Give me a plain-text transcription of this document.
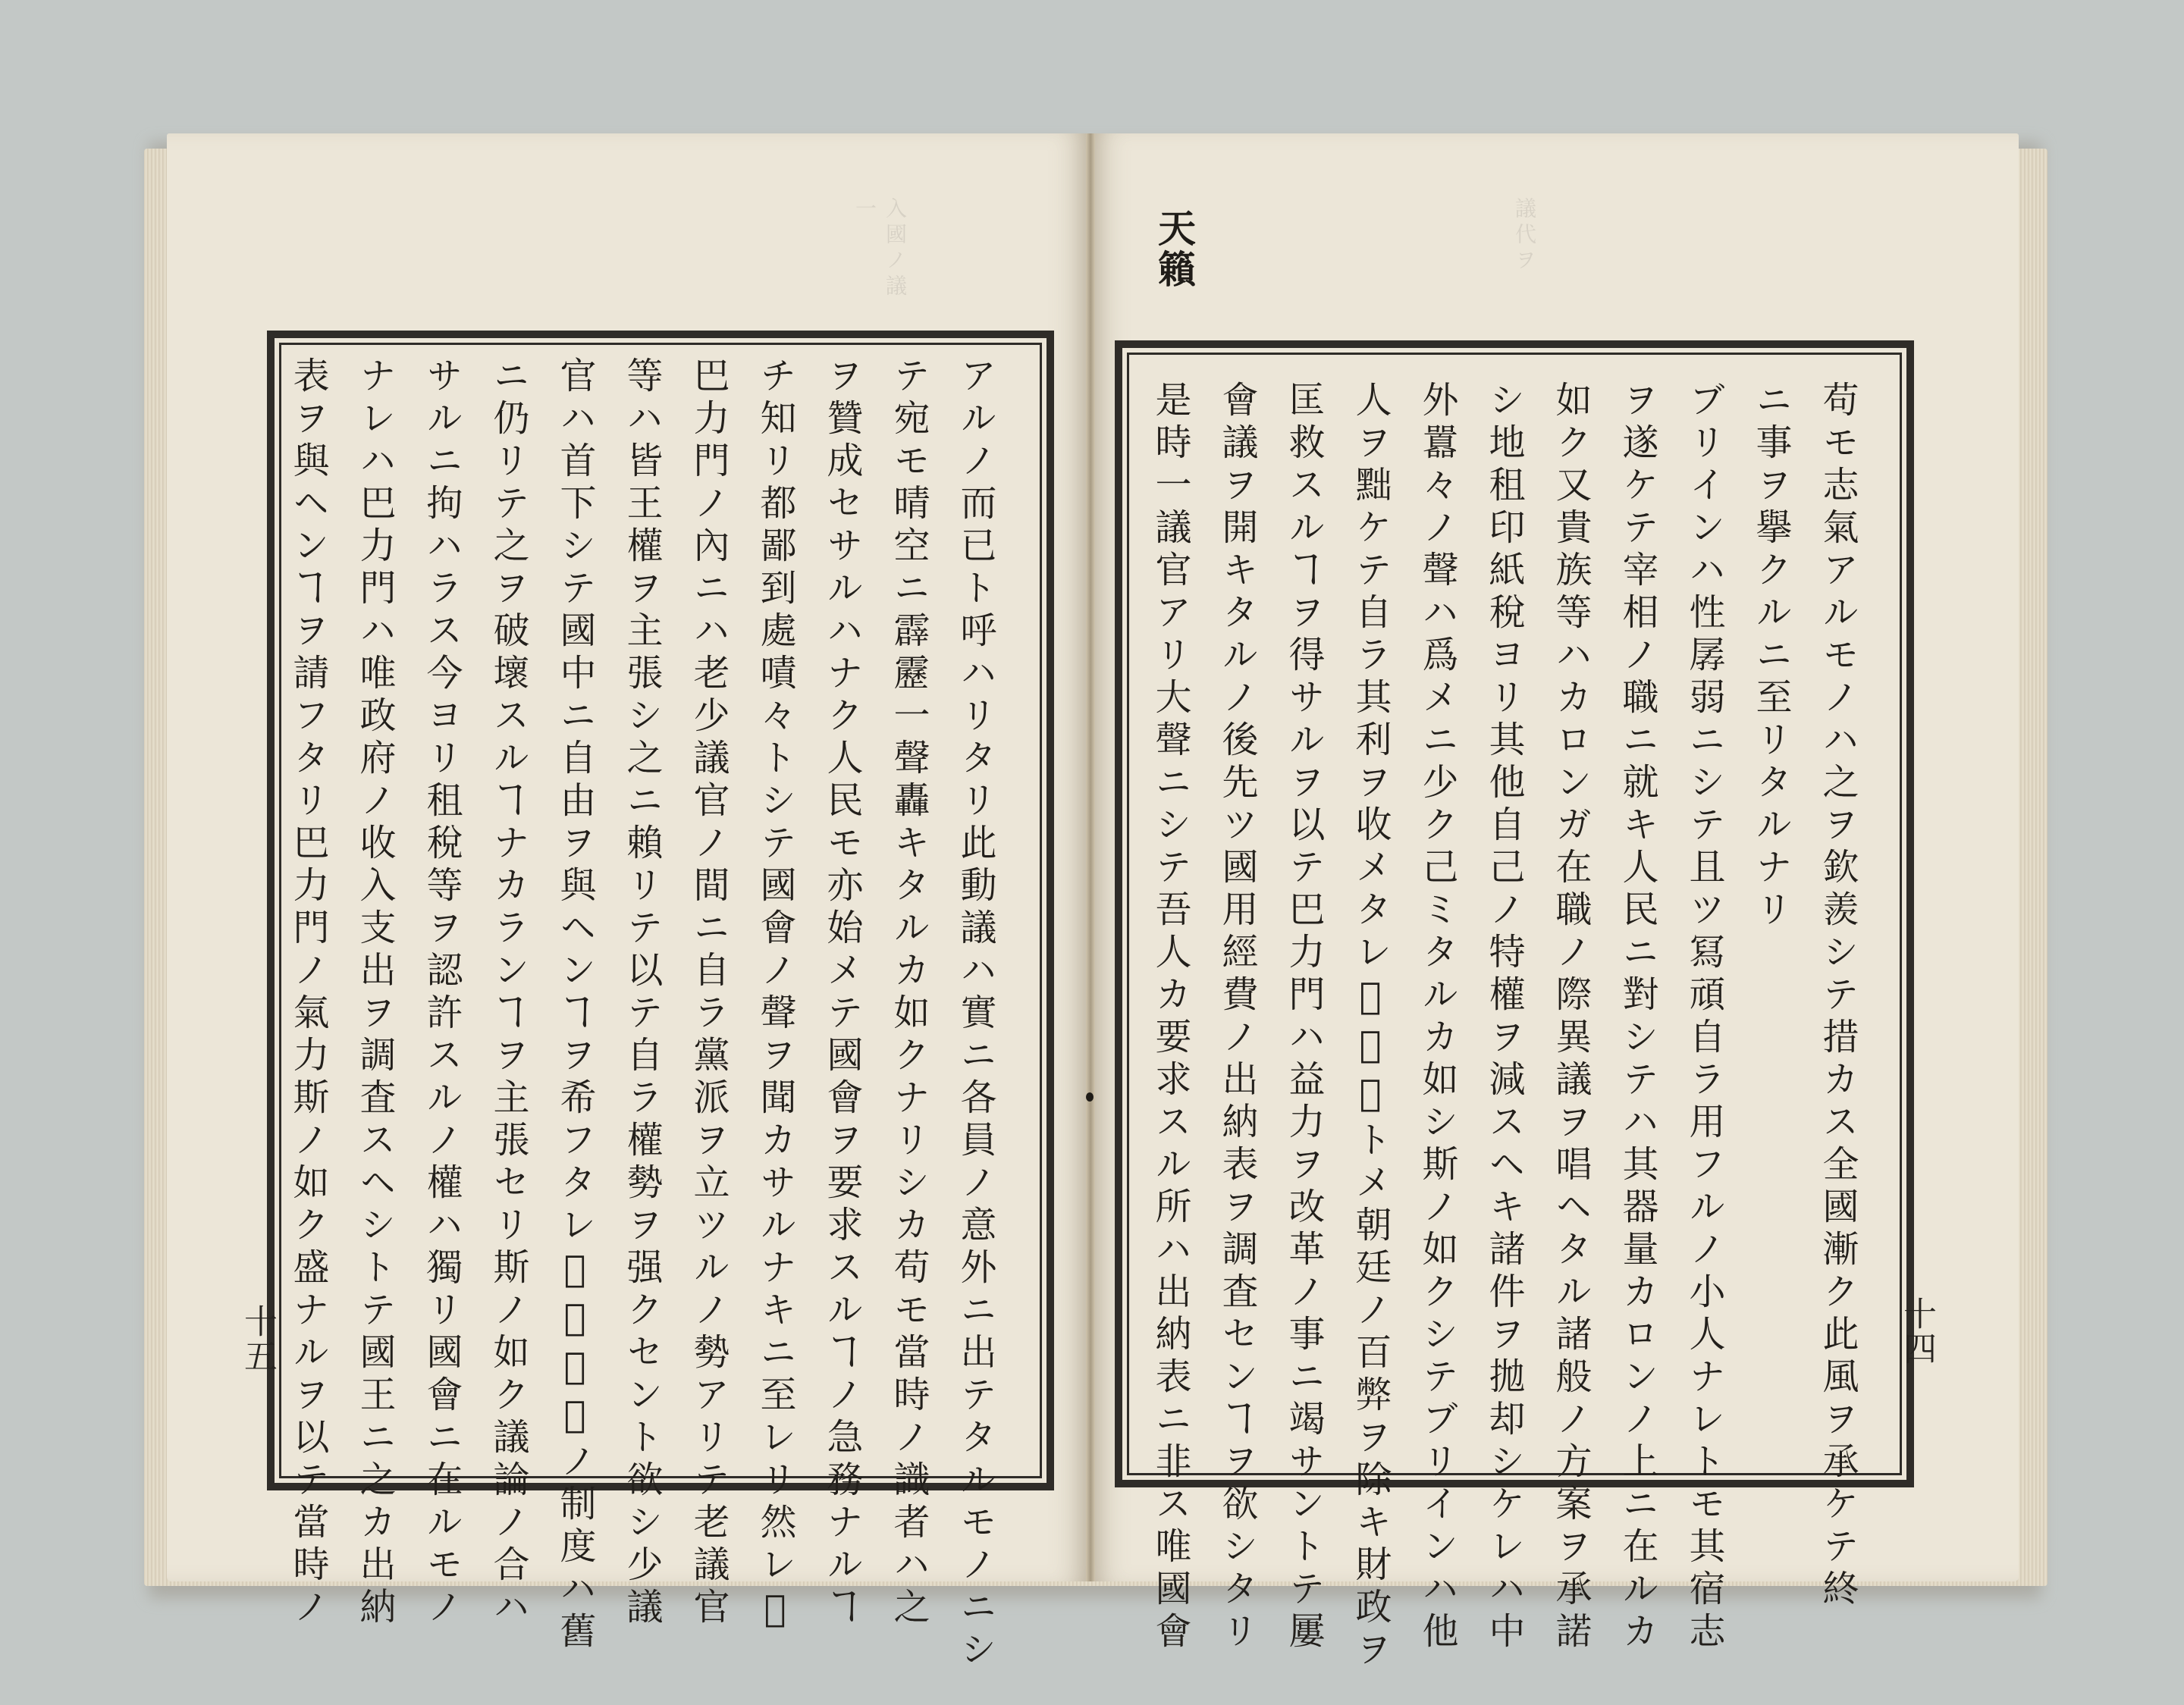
入國ノ議一	議代ヲ
天籟
苟モ志氣アルモノハ之ヲ欽羨シテ措カス全國漸ク此風ヲ承ケテ終
ニ事ヲ擧クルニ至リタルナリ
ブリインハ性孱弱ニシテ且ツ冩頑自ラ用フルノ小人ナレトモ其宿志
ヲ遂ケテ宰相ノ職ニ就キ人民ニ對シテハ其器量カロンノ上ニ在ルカ
如ク又貴族等ハカロンガ在職ノ際異議ヲ唱ヘタル諸般ノ方案ヲ承諾
シ地租印紙稅ヨリ其他自己ノ特權ヲ減スヘキ諸件ヲ拋却シケレハ中
外囂々ノ聲ハ爲メニ少ク己ミタルカ如シ斯ノ如クシテブリインハ他
人ヲ黜ケテ自ラ其利ヲ收メタレ𪜈斷然トメ朝廷ノ百弊ヲ除キ財政ヲ
匡救スルヿヲ得サルヲ以テ巴力門ハ益力ヲ改革ノ事ニ竭サントテ屢
會議ヲ開キタルノ後先ツ國用經費ノ出納表ヲ調査センヿヲ欲シタリ
是時一議官アリ大聲ニシテ吾人カ要求スル所ハ出納表ニ非ス唯國會
アルノ而已ト呼ハリタリ此動議ハ實ニ各員ノ意外ニ出テタルモノニシ
テ宛モ晴空ニ霹靂一聲轟キタルカ如クナリシカ苟モ當時ノ識者ハ之
ヲ贊成セサルハナク人民モ亦始メテ國會ヲ要求スルヿノ急務ナルヿ
チ知リ都鄙到處嘖々トシテ國會ノ聲ヲ聞カサルナキニ至レリ然レ𪜈
巴力門ノ內ニハ老少議官ノ間ニ自ラ黨派ヲ立ツルノ勢アリテ老議官
等ハ皆王權ヲ主張シ之ニ賴リテ以テ自ラ權勢ヲ强クセント欲シ少議
官ハ首下シテ國中ニ自由ヲ與ヘンヿヲ希フタレ𪜈政治上ノ制度ハ舊
ニ仍リテ之ヲ破壞スルヿナカランヿヲ主張セリ斯ノ如ク議論ノ合ハ
サルニ拘ハラス今ヨリ租稅等ヲ認許スルノ權ハ獨リ國會ニ在ルモノ
ナレハ巴力門ハ唯政府ノ收入支出ヲ調査スヘシトテ國王ニ之カ出納
表ヲ與ヘンヿヲ請フタリ巴力門ノ氣力斯ノ如ク盛ナルヲ以テ當時ノ
十五	十四
